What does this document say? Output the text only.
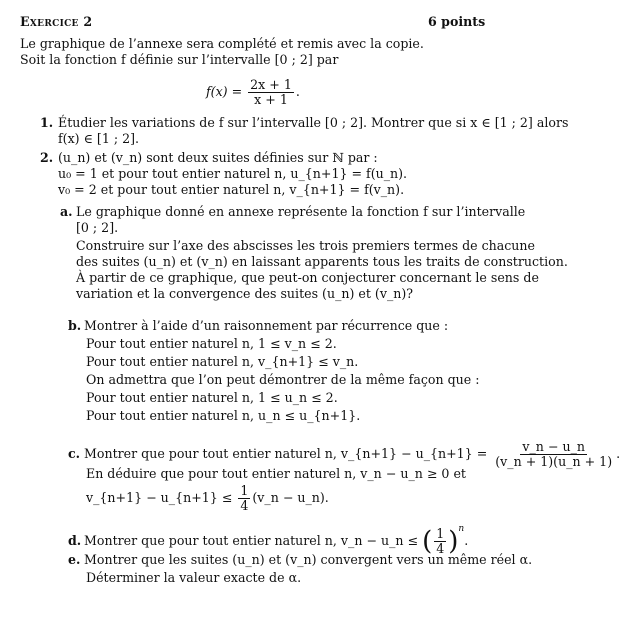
Exercice 2	6 points
Le graphique de l’annexe sera complété et remis avec la copie.
Soit la fonction f définie sur l’intervalle [0 ; 2] par
$f(x) = \frac{2x + 1}{x + 1}$ .
1. Étudier les variations de f sur l’intervalle [0 ; 2]. Montrer que si x ∈ [1 ; 2] alors
f(x) ∈ [1 ; 2].
2. (u_n) et (v_n) sont deux suites définies sur ℕ par :
u₀ = 1 et pour tout entier naturel n, u_{n+1} = f(u_n).
v₀ = 2 et pour tout entier naturel n, v_{n+1} = f(v_n).
a. Le graphique donné en annexe représente la fonction f sur l’intervalle
[0 ; 2].
Construire sur l’axe des abscisses les trois premiers termes de chacune
des suites (u_n) et (v_n) en laissant apparents tous les traits de construction.
À partir de ce graphique, que peut-on conjecturer concernant le sens de
variation et la convergence des suites (u_n) et (v_n)?
b. Montrer à l’aide d’un raisonnement par récurrence que :
Pour tout entier naturel n, 1 ≤ v_n ≤ 2.
Pour tout entier naturel n, v_{n+1} ≤ v_n.
On admettra que l’on peut démontrer de la même façon que :
Pour tout entier naturel n, 1 ≤ u_n ≤ 2.
Pour tout entier naturel n, u_n ≤ u_{n+1}.
c. Montrer que pour tout entier naturel n, v_{n+1} − u_{n+1} = $\frac{v\_n - u\_n}{(v\_n + 1)(u\_n + 1)}$ .
En déduire que pour tout entier naturel n, v_n − u_n ≥ 0 et
v_{n+1} − u_{n+1} ≤ $\frac{1}{4}$ (v_n − u_n).
d. Montrer que pour tout entier naturel n, v_n − u_n ≤ ( $\frac{1}{4} )^n$.
e. Montrer que les suites (u_n) et (v_n) convergent vers un même réel α.
Déterminer la valeur exacte de α.
